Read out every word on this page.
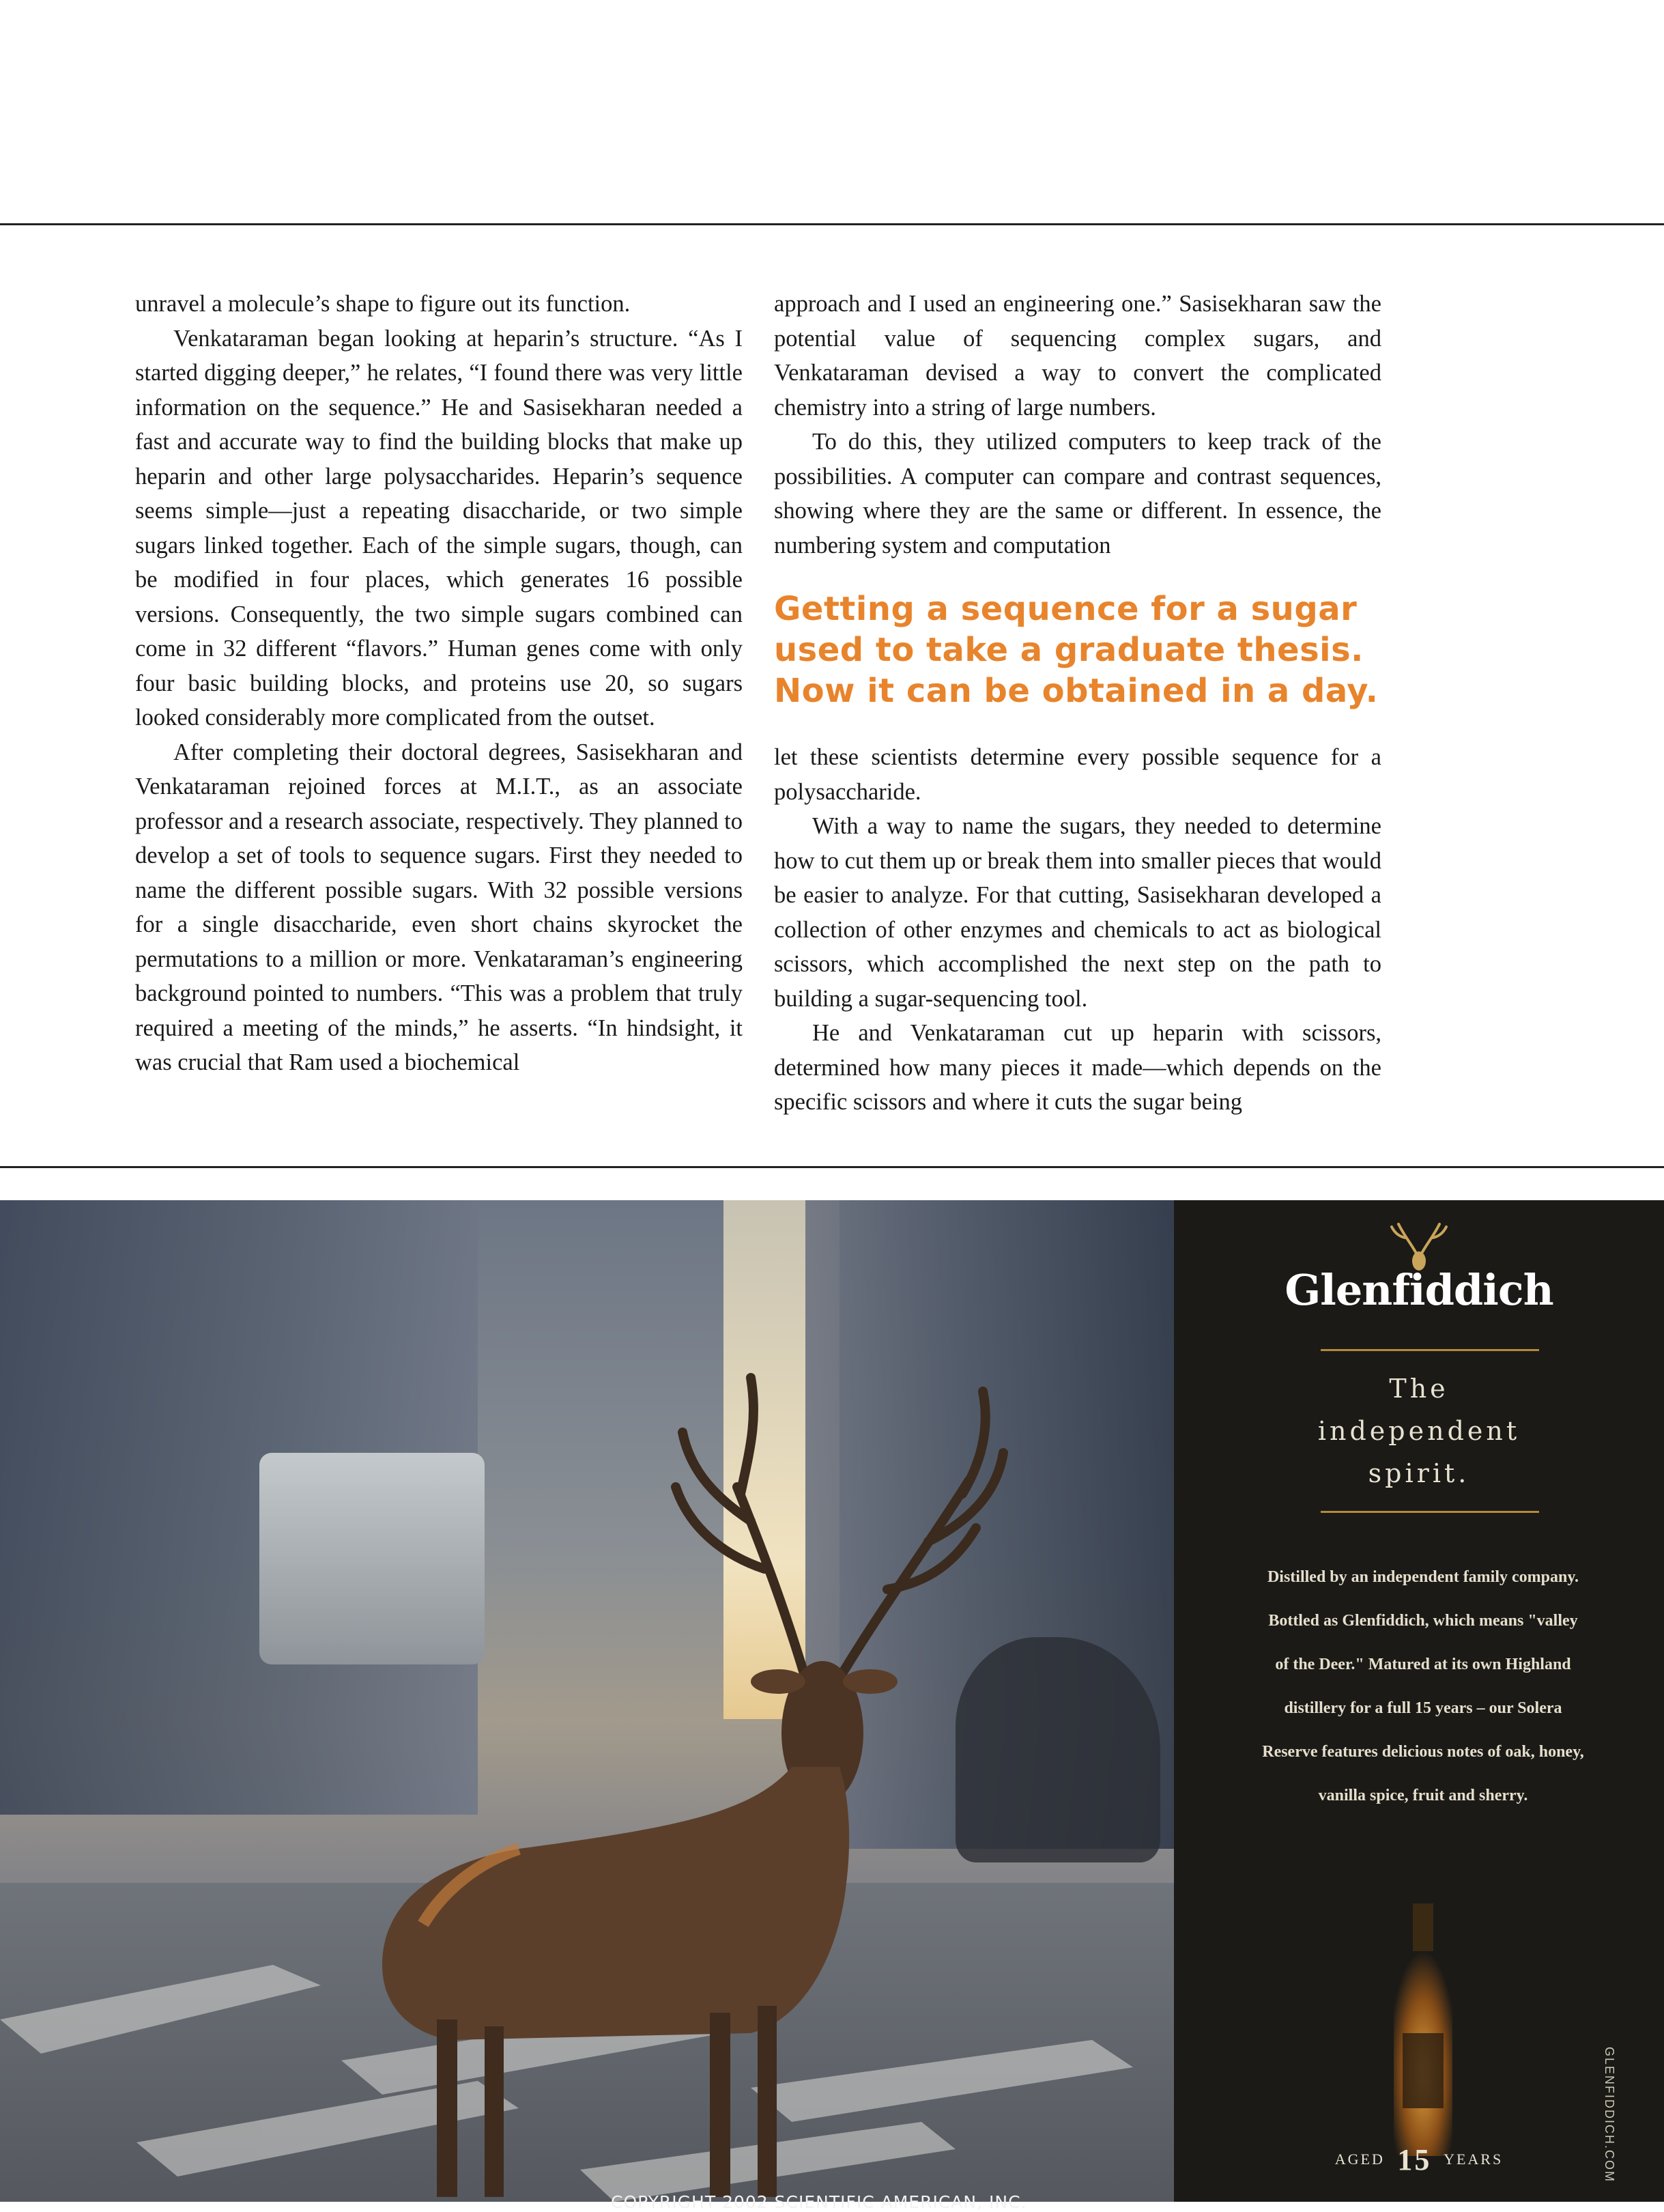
unravel a molecule’s shape to figure out its function.

Venkataraman began looking at heparin’s structure. “As I started digging deeper,” he relates, “I found there was very little information on the sequence.” He and Sasisekharan needed a fast and accurate way to find the building blocks that make up heparin and other large polysaccharides. Heparin’s sequence seems simple—just a repeating disaccharide, or two simple sugars linked together. Each of the simple sugars, though, can be modified in four places, which generates 16 possible versions. Consequently, the two simple sugars combined can come in 32 different “flavors.” Human genes come with only four basic building blocks, and proteins use 20, so sugars looked considerably more complicated from the outset.

After completing their doctoral degrees, Sasisekharan and Venkataraman rejoined forces at M.I.T., as an associate professor and a research associate, respectively. They planned to develop a set of tools to sequence sugars. First they needed to name the different possible sugars. With 32 possible versions for a single disaccharide, even short chains skyrocket the permutations to a million or more. Venkataraman’s engineering background pointed to numbers. “This was a problem that truly required a meeting of the minds,” he asserts. “In hindsight, it was crucial that Ram used a biochemical

approach and I used an engineering one.” Sasisekharan saw the potential value of sequencing complex sugars, and Venkataraman devised a way to convert the complicated chemistry into a string of large numbers.

To do this, they utilized computers to keep track of the possibilities. A computer can compare and contrast sequences, showing where they are the same or different. In essence, the numbering system and computation

Getting a sequence for a sugar used to take a graduate thesis. Now it can be obtained in a day.

let these scientists determine every possible sequence for a polysaccharide.

With a way to name the sugars, they needed to determine how to cut them up or break them into smaller pieces that would be easier to analyze. For that cutting, Sasisekharan developed a collection of other enzymes and chemicals to act as biological scissors, which accomplished the next step on the path to building a sugar-sequencing tool.

He and Venkataraman cut up heparin with scissors, determined how many pieces it made—which depends on the specific scissors and where it cuts the sugar being

Glenfiddich
The
independent
spirit.
Distilled by an independent family company.
Bottled as Glenfiddich, which means "valley
of the Deer." Matured at its own Highland
distillery for a full 15 years – our Solera
Reserve features delicious notes of oak, honey,
vanilla spice, fruit and sherry.
AGED 15 YEARS	GLENFIDDICH.COM
COPYRIGHT 2002 SCIENTIFIC AMERICAN, INC.
